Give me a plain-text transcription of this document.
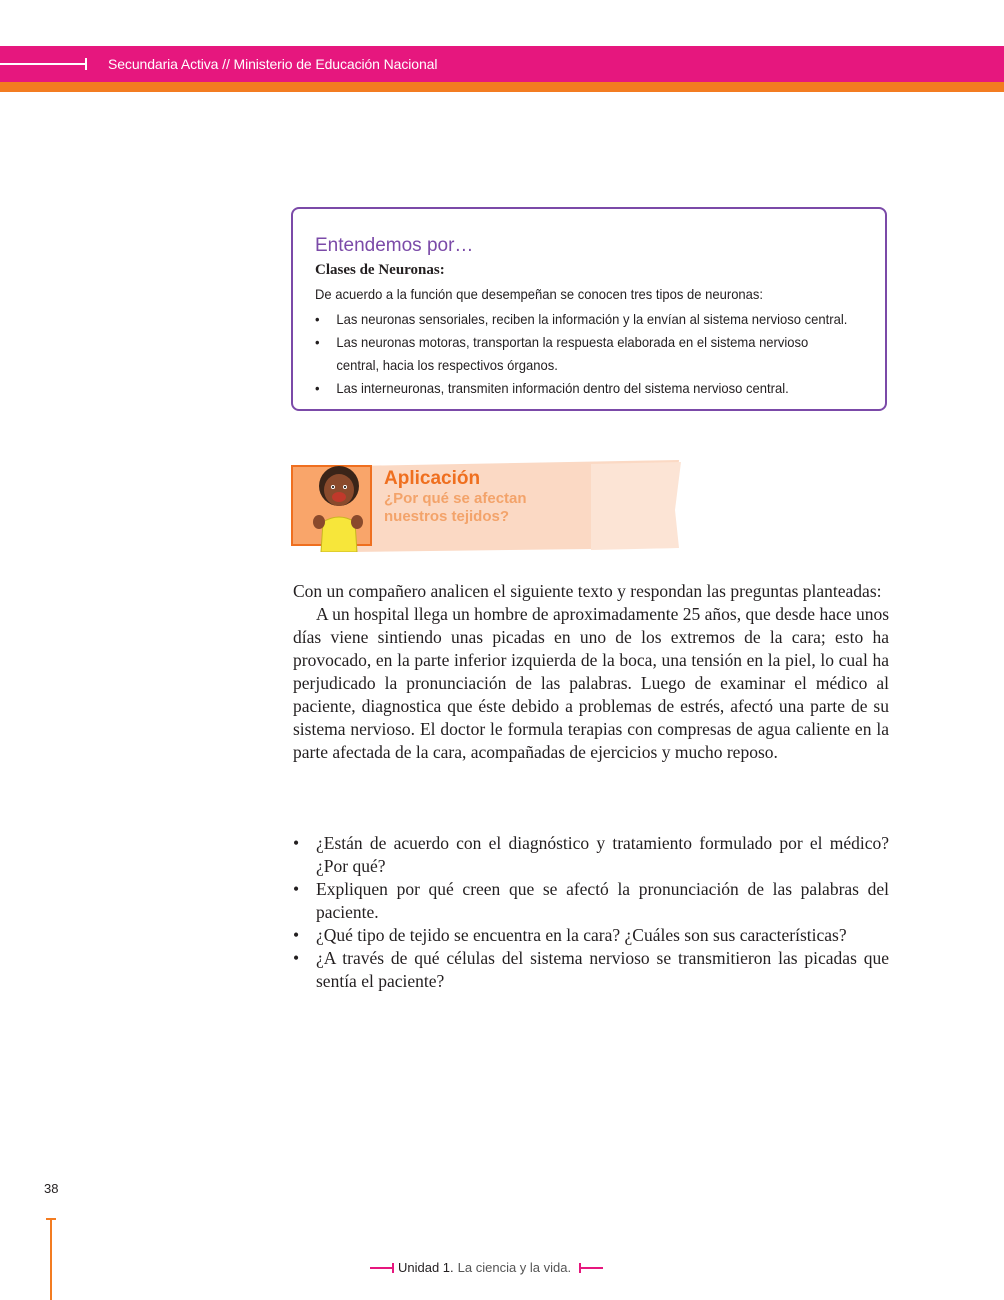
Secundaria Activa // Ministerio de Educación Nacional
Entendemos por…
Clases de Neuronas:
De acuerdo a la función que desempeñan se conocen tres tipos de neuronas:
• Las neuronas sensoriales, reciben la información y la envían al sistema nervioso central.
• Las neuronas motoras, transportan la respuesta elaborada en el sistema nervioso central, hacia los respectivos órganos.
• Las interneuronas, transmiten información dentro del sistema nervioso central.
Aplicación
¿Por qué se afectan nuestros tejidos?

Con un compañero analicen el siguiente texto y respondan las preguntas planteadas:

A un hospital llega un hombre de aproximadamente 25 años, que desde hace unos días viene sintiendo unas picadas en uno de los extremos de la cara; esto ha provocado, en la parte inferior izquierda de la boca, una tensión en la piel, lo cual ha perjudicado la pronunciación de las palabras. Luego de examinar el médico al paciente, diagnostica que éste debido a problemas de estrés, afectó una parte de su sistema nervioso. El doctor le formula terapias con compresas de agua caliente en la parte afectada de la cara, acompañadas de ejercicios y mucho reposo.

• ¿Están de acuerdo con el diagnóstico y tratamiento formulado por el médico? ¿Por qué?
• Expliquen por qué creen que se afectó la pronunciación de las palabras del paciente.
• ¿Qué tipo de tejido se encuentra en la cara? ¿Cuáles son sus características?
• ¿A través de qué células del sistema nervioso se transmitieron las picadas que sentía el paciente?
38
Unidad 1. La ciencia y la vida.
